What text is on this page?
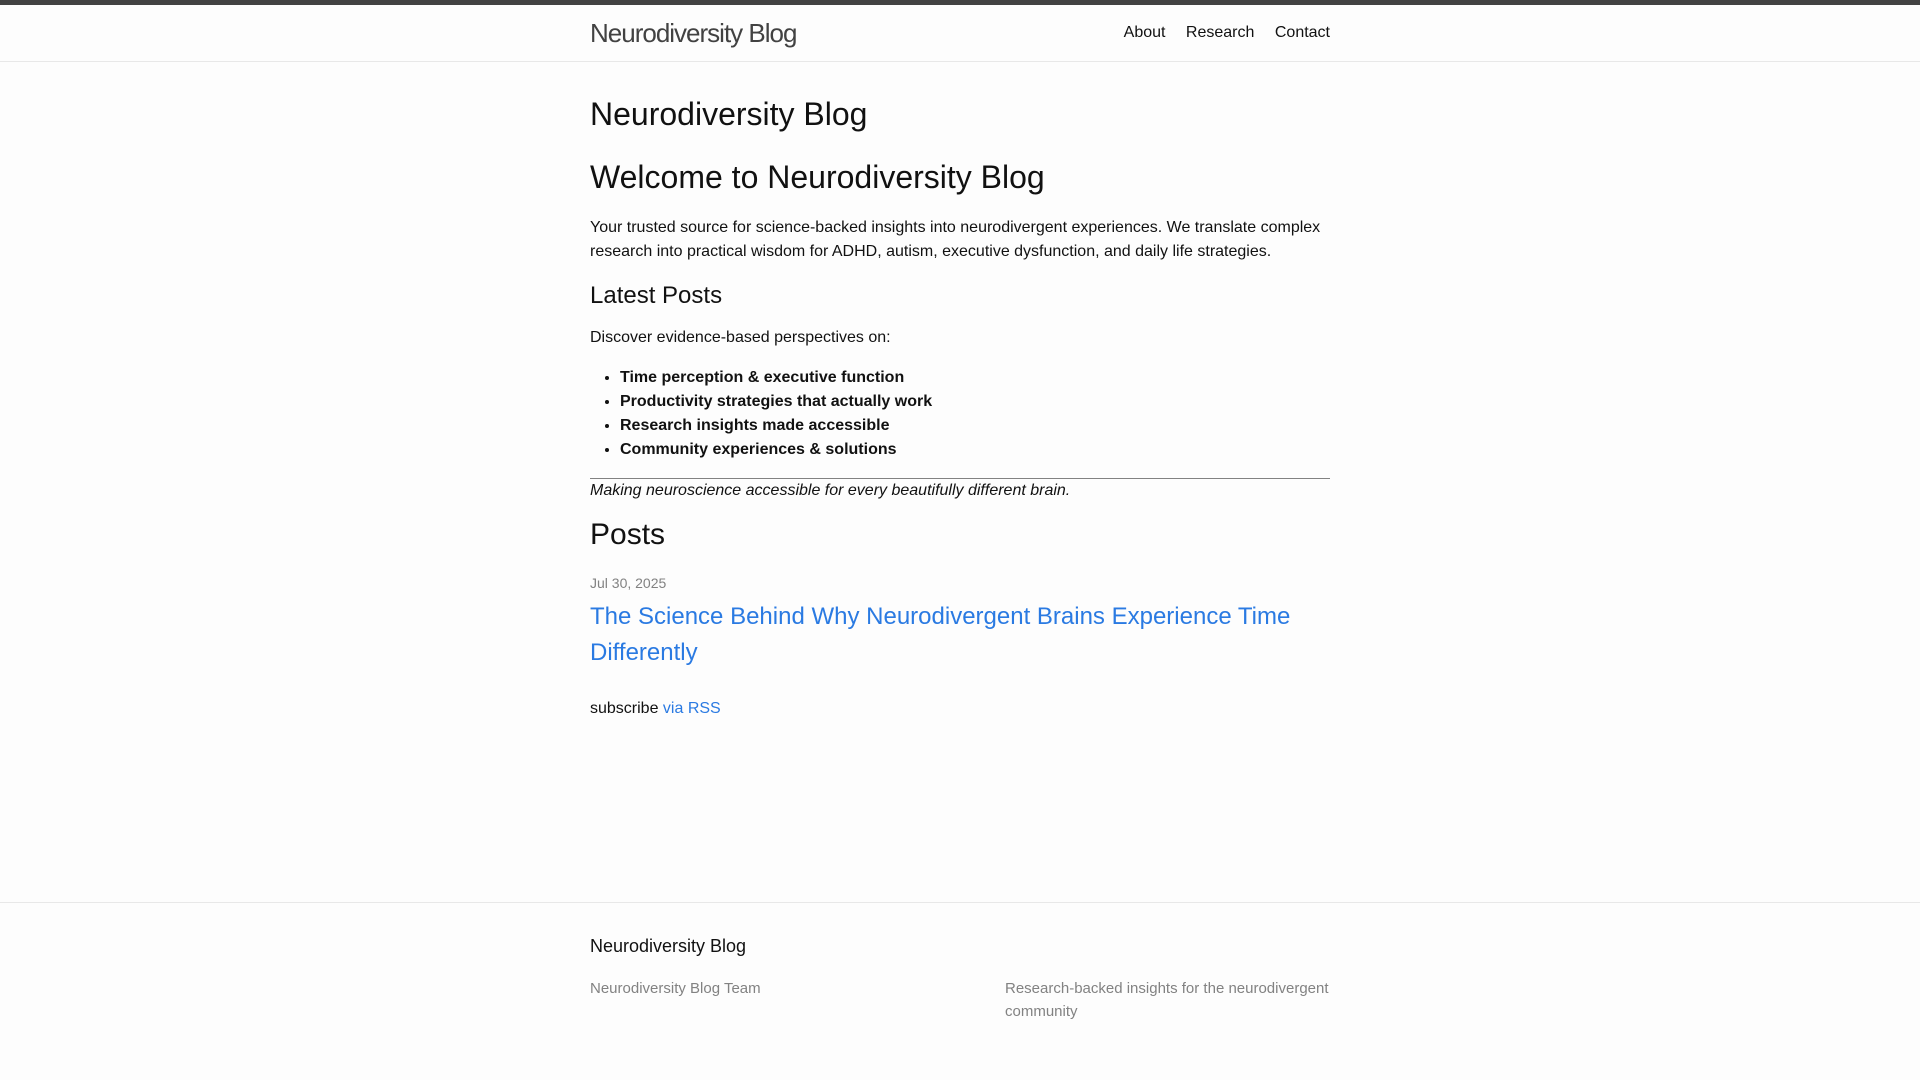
Neurodiversity Blog	About Research Contact
Neurodiversity Blog
Welcome to Neurodiversity Blog

Your trusted source for science-backed insights into neurodivergent experiences. We translate complex research into practical wisdom for ADHD, autism, executive dysfunction, and daily life strategies.

Latest Posts

Discover evidence-based perspectives on:

• Time perception & executive function
• Productivity strategies that actually work
• Research insights made accessible
• Community experiences & solutions

Making neuroscience accessible for every beautifully different brain.

Posts
Jul 30, 2025
The Science Behind Why Neurodivergent Brains Experience Time Differently

subscribe via RSS

Neurodiversity Blog
Neurodiversity Blog Team	Research-backed insights for the neurodivergent community
